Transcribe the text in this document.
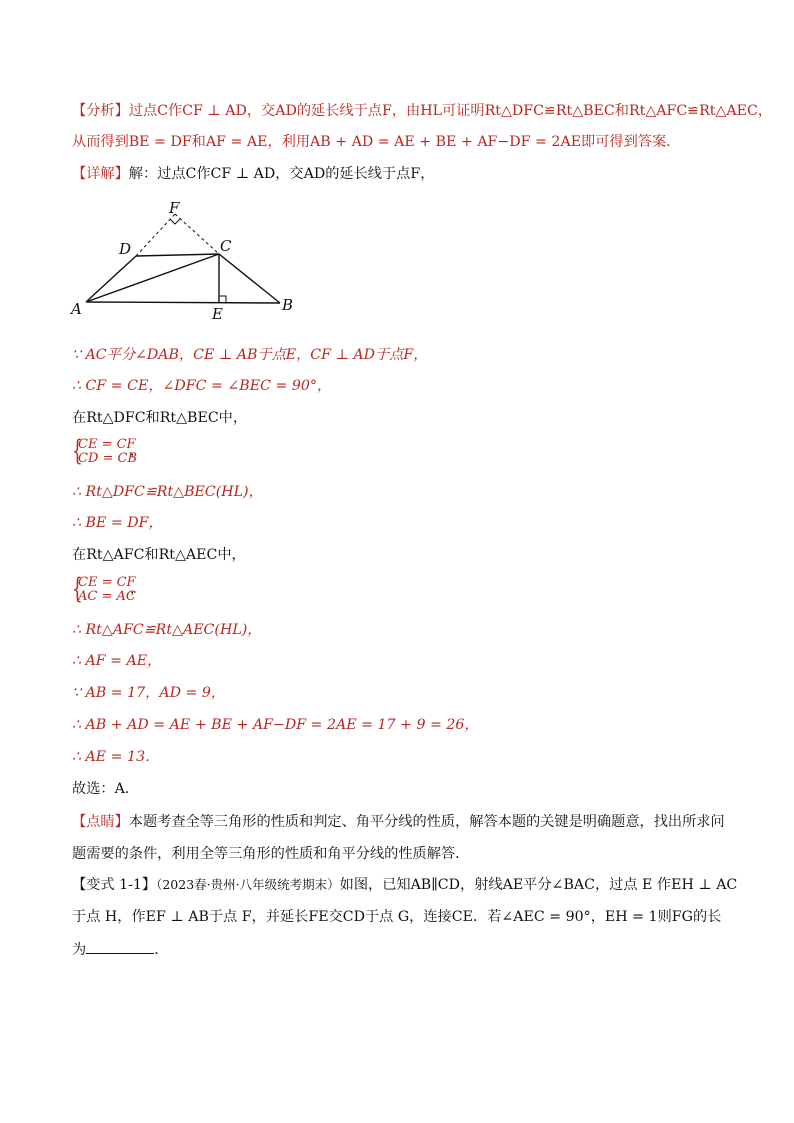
【分析】过点C作CF ⊥ AD，交AD的延长线于点F，由HL可证明Rt△DFC≌Rt△BEC和Rt△AFC≌Rt△AEC，
从而得到BE = DF和AF = AE，利用AB + AD = AE + BE + AF−DF = 2AE即可得到答案．
【详解】解：过点C作CF ⊥ AD，交AD的延长线于点F，
F
D	C
A	E	B
∵ AC平分∠DAB，CE ⊥ AB于点E，CF ⊥ AD于点F，
∴ CF = CE，∠DFC = ∠BEC = 90°，
在Rt△DFC和Rt△BEC中，
{
CE = CF
CD = CB
，
∴ Rt△DFC≌Rt△BEC(HL)，
∴ BE = DF，
在Rt△AFC和Rt△AEC中，
{
CE = CF
AC = AC
，
∴ Rt△AFC≌Rt△AEC(HL)，
∴ AF = AE，
∵ AB = 17，AD = 9，
∴ AB + AD = AE + BE + AF−DF = 2AE = 17 + 9 = 26，
∴ AE = 13．
故选：A．
【点睛】本题考查全等三角形的性质和判定、角平分线的性质，解答本题的关键是明确题意，找出所求问
题需要的条件，利用全等三角形的性质和角平分线的性质解答．
【变式 1-1】（2023春·贵州·八年级统考期末）如图，已知AB∥CD，射线AE平分∠BAC，过点 E 作EH ⊥ AC
于点 H，作EF ⊥ AB于点 F，并延长FE交CD于点 G，连接CE．若∠AEC = 90°，EH = 1则FG的长
为	．
